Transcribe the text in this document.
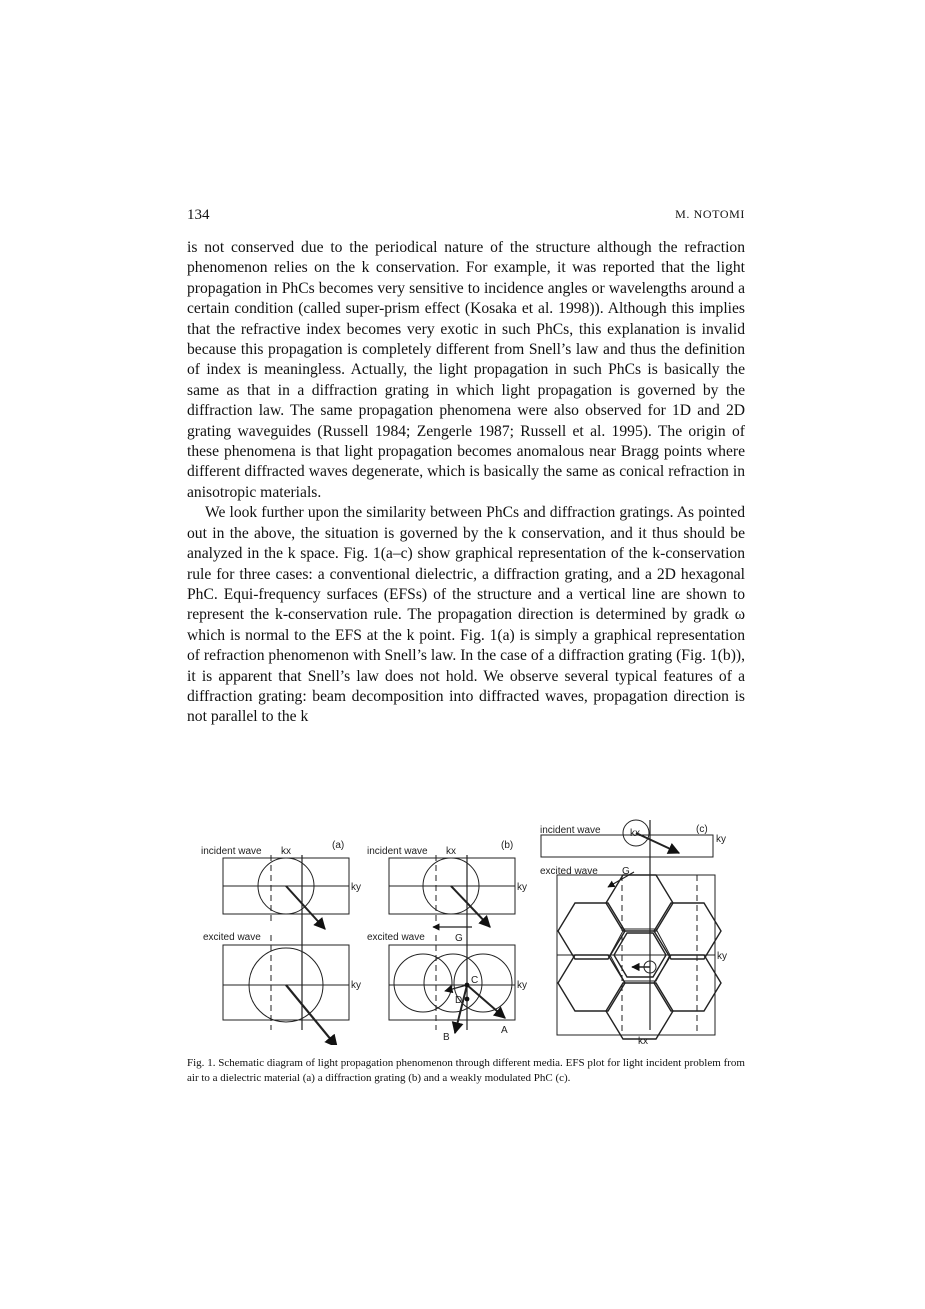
134	M. NOTOMI

is not conserved due to the periodical nature of the structure although the refraction phenomenon relies on the k conservation. For example, it was reported that the light propagation in PhCs becomes very sensitive to incidence angles or wavelengths around a certain condition (called super-prism effect (Kosaka et al. 1998)). Although this implies that the refractive index becomes very exotic in such PhCs, this explanation is invalid because this propagation is completely different from Snell’s law and thus the definition of index is meaningless. Actually, the light propagation in such PhCs is basically the same as that in a diffraction grating in which light propagation is governed by the diffraction law. The same propagation phenomena were also observed for 1D and 2D grating waveguides (Russell 1984; Zengerle 1987; Russell et al. 1995). The origin of these phenomena is that light propagation becomes anomalous near Bragg points where different diffracted waves degenerate, which is basically the same as conical refraction in anisotropic materials.

We look further upon the similarity between PhCs and diffraction gratings. As pointed out in the above, the situation is governed by the k conservation, and it thus should be analyzed in the k space. Fig. 1(a–c) show graphical representation of the k-conservation rule for three cases: a conventional dielectric, a diffraction grating, and a 2D hexagonal PhC. Equi-frequency surfaces (EFSs) of the structure and a vertical line are shown to represent the k-conservation rule. The propagation direction is determined by gradk ω which is normal to the EFS at the k point. Fig. 1(a) is simply a graphical representation of refraction phenomenon with Snell’s law. In the case of a diffraction grating (Fig. 1(b)), it is apparent that Snell’s law does not hold. We observe several typical features of a diffraction grating: beam decomposition into diffracted waves, propagation direction is not parallel to the k

incident wave kx
(a)
ky
excited wave
ky
incident wave kx
(b)
ky
excited wave	G
ky
C
D
A
B
incident wave	kx	(c)
ky
excited wave G
ky
kx
Fig. 1. Schematic diagram of light propagation phenomenon through different media. EFS plot for light incident problem from air to a dielectric material (a) a diffraction grating (b) and a weakly modulated PhC (c).
